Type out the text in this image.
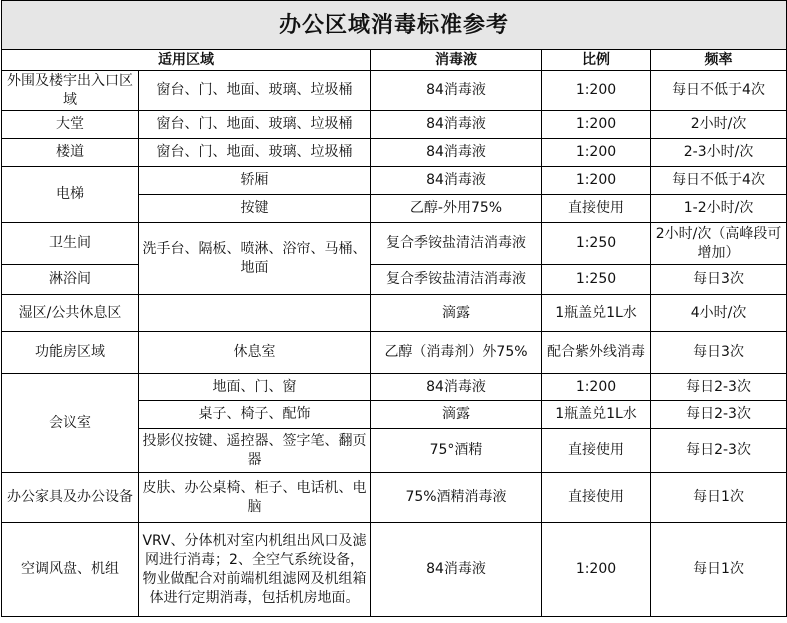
办公区域消毒标准参考				
适用区域		消毒液	比例	频率
外围及楼宇出入口区域	窗台、门、地面、玻璃、垃圾桶	84消毒液	1:200	每日不低于4次
大堂	窗台、门、地面、玻璃、垃圾桶	84消毒液	1:200	2小时/次
楼道	窗台、门、地面、玻璃、垃圾桶	84消毒液	1:200	2-3小时/次
电梯	轿厢	84消毒液	1:200	每日不低于4次
	按键	乙醇-外用75%	直接使用	1-2小时/次
卫生间	洗手台、隔板、喷淋、浴帘、马桶、地面	复合季铵盐清洁消毒液	1:250	2小时/次（高峰段可增加）
淋浴间		复合季铵盐清洁消毒液	1:250	每日3次
湿区/公共休息区		滴露	1瓶盖兑1L水	4小时/次
功能房区域	休息室	乙醇（消毒剂）外75%	配合紫外线消毒	每日3次
会议室	地面、门、窗	84消毒液	1:200	每日2-3次
	桌子、椅子、配饰	滴露	1瓶盖兑1L水	每日2-3次
	投影仪按键、遥控器、签字笔、翻页器	75°酒精	直接使用	每日2-3次
办公家具及办公设备	皮肤、办公桌椅、柜子、电话机、电脑	75%酒精消毒液	直接使用	每日1次
空调风盘、机组	VRV、分体机对室内机组出风口及滤网进行消毒；2、全空气系统设备，物业做配合对前端机组滤网及机组箱体进行定期消毒，包括机房地面。	84消毒液	1:200	每日1次
